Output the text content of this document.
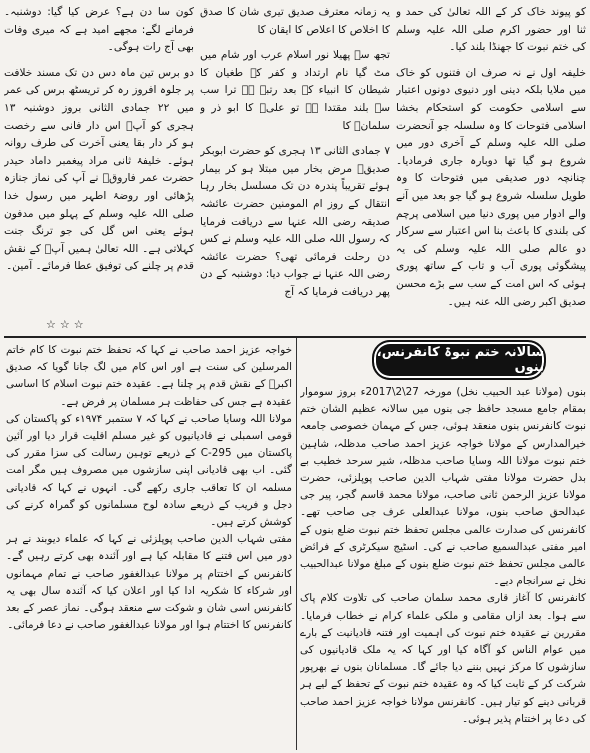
کو پیوند خاک کر کے اللہ تعالیٰ کی حمد و ثنا اور حضور اکرم صلی اللہ علیہ وسلم کی ختم نبوت کا جھنڈا بلند کیا۔

خلیفہ اول نے نہ صرف ان فتنوں کو خاک میں ملایا بلکہ دینی اور دنیوی دونوں اعتبار سے اسلامی حکومت کو استحکام بخشا اسلامی فتوحات کا وہ سلسلہ جو آنحضرت صلی اللہ علیہ وسلم کے آخری دور میں شروع ہو گیا تھا دوبارہ جاری فرمادیا۔ چنانچہ دور صدیقی میں فتوحات کا وہ طویل سلسلہ شروع ہو گیا جو بعد میں آنے والے ادوار میں پوری دنیا میں اسلامی پرچم کی بلندی کا باعث بنا اس اعتبار سے سرکار دو عالم صلی اللہ علیہ وسلم کی یہ پیشگوئی پوری آب و تاب کے ساتھ پوری ہوئی کہ اس امت کے سب سے بڑے محسن صدیق اکبر رضی اللہ عنہ ہیں۔

یہ زمانہ معترف صدیق تیری شان کا صدق کا اخلاص کا اعلاص کا ایقان کا

تجھ سے پھیلا نور اسلام عرب اور شام میں مٹ گیا نام ارتداد و کفر کے طغیان کا شیطان کا انبیاء کے بعد رتبہ ہے ترا سب سے بلند مقتدا ہے تو علیؓ کا ابو ذر و سلمانؓ کا

۷ جمادی الثانی ۱۳ ہجری کو حضرت ابوبکر صدیقؓ مرض بخار میں مبتلا ہو کر بیمار ہوئے تقریباً پندرہ دن تک مسلسل بخار رہا انتقال کے روز ام المومنین حضرت عائشہ صدیقہ رضی اللہ عنہا سے دریافت فرمایا کہ رسول اللہ صلی اللہ علیہ وسلم نے کس دن رحلت فرمائی تھی؟ حضرت عائشہ رضی اللہ عنہا نے جواب دیا: دوشنبہ کے دن پھر دریافت فرمایا کہ آج

کون سا دن ہے؟ عرض کیا گیا: دوشنبہ۔ فرمانے لگے: مجھے امید ہے کہ میری وفات بھی آج رات ہوگی۔

دو برس تین ماہ دس دن تک مسند خلافت پر جلوہ افروز رہ کر تریسٹھ برس کی عمر میں ۲۲ جمادی الثانی بروز دوشنبہ ۱۳ ہجری کو آپؓ اس دار فانی سے رخصت ہو کر دار بقا یعنی آخرت کی طرف روانہ ہوئے۔ خلیفۂ ثانی مراد پیغمبر داماد حیدر حضرت عمر فاروقؓ نے آپ کی نماز جنازہ پڑھائی اور روضۂ اطہر میں رسول خدا صلی اللہ علیہ وسلم کے پہلو میں مدفون ہوئے یعنی اس گل کی جو ترنگ جنت کہلاتی ہے۔ اللہ تعالیٰ ہمیں آپؓ کے نقش قدم پر چلنے کی توفیق عطا فرمائے۔ آمین۔

☆☆☆
سالانہ ختم نبوۃ کانفرنس، بنوں

بنوں (مولانا عبد الحبیب نخل) مورخہ 27\2\2017ء بروز سوموار بمقام جامع مسجد حافظ جی بنوں میں سالانہ عظیم الشان ختم نبوت کانفرنس بنوں منعقد ہوئی، جس کے مہمان خصوصی جامعہ خیرالمدارس کے مولانا خواجہ عزیز احمد صاحب مدظلہ، شاہین ختم نبوت مولانا اللہ وسایا صاحب مدظلہ، شیر سرحد خطیب بے بدل حضرت مولانا مفتی شہاب الدین صاحب پوپلزئی، حضرت مولانا عزیز الرحمن ثانی صاحب، مولانا محمد قاسم گجر، پیر جی عبدالحق صاحب بنوں، مولانا عبدالعلی عرف جی صاحب تھے۔ کانفرنس کی صدارت عالمی مجلس تحفظ ختم نبوت ضلع بنوں کے امیر مفتی عبدالسمیع صاحب نے کی۔ اسٹیج سیکرٹری کے فرائض عالمی مجلس تحفظ ختم نبوت ضلع بنوں کے مبلغ مولانا عبدالحبیب نخل نے سرانجام دیے۔

کانفرنس کا آغاز قاری محمد سلمان صاحب کی تلاوت کلام پاک سے ہوا۔ بعد ازاں مقامی و ملکی علماء کرام نے خطاب فرمایا۔ مقررین نے عقیدہ ختم نبوت کی اہمیت اور فتنہ قادیانیت کے بارے میں عوام الناس کو آگاہ کیا اور کہا کہ یہ ملک قادیانیوں کی سازشوں کا مرکز نہیں بننے دیا جائے گا۔ مسلمانان بنوں نے بھرپور شرکت کر کے ثابت کیا کہ وہ عقیدہ ختم نبوت کے تحفظ کے لیے ہر قربانی دینے کو تیار ہیں۔ کانفرنس مولانا خواجہ عزیز احمد صاحب کی دعا پر اختتام پذیر ہوئی۔

خواجہ عزیز احمد صاحب نے کہا کہ تحفظ ختم نبوت کا کام خاتم المرسلین کی سنت ہے اور اس کام میں لگ جانا گویا کہ صدیق اکبرؓ کے نقش قدم پر چلنا ہے۔ عقیدہ ختم نبوت اسلام کا اساسی عقیدہ ہے جس کی حفاظت ہر مسلمان پر فرض ہے۔

مولانا اللہ وسایا صاحب نے کہا کہ ۷ ستمبر ۱۹۷۴ء کو پاکستان کی قومی اسمبلی نے قادیانیوں کو غیر مسلم اقلیت قرار دیا اور آئین پاکستان میں 295-C کے ذریعے توہین رسالت کی سزا مقرر کی گئی۔ اب بھی قادیانی اپنی سازشوں میں مصروف ہیں مگر امت مسلمہ ان کا تعاقب جاری رکھے گی۔ انہوں نے کہا کہ قادیانی دجل و فریب کے ذریعے سادہ لوح مسلمانوں کو گمراہ کرنے کی کوشش کرتے ہیں۔

مفتی شہاب الدین صاحب پوپلزئی نے کہا کہ علماء دیوبند نے ہر دور میں اس فتنے کا مقابلہ کیا ہے اور آئندہ بھی کرتے رہیں گے۔ کانفرنس کے اختتام پر مولانا عبدالغفور صاحب نے تمام مہمانوں اور شرکاء کا شکریہ ادا کیا اور اعلان کیا کہ آئندہ سال بھی یہ کانفرنس اسی شان و شوکت سے منعقد ہوگی۔ نماز عصر کے بعد کانفرنس کا اختتام ہوا اور مولانا عبدالغفور صاحب نے دعا فرمائی۔
